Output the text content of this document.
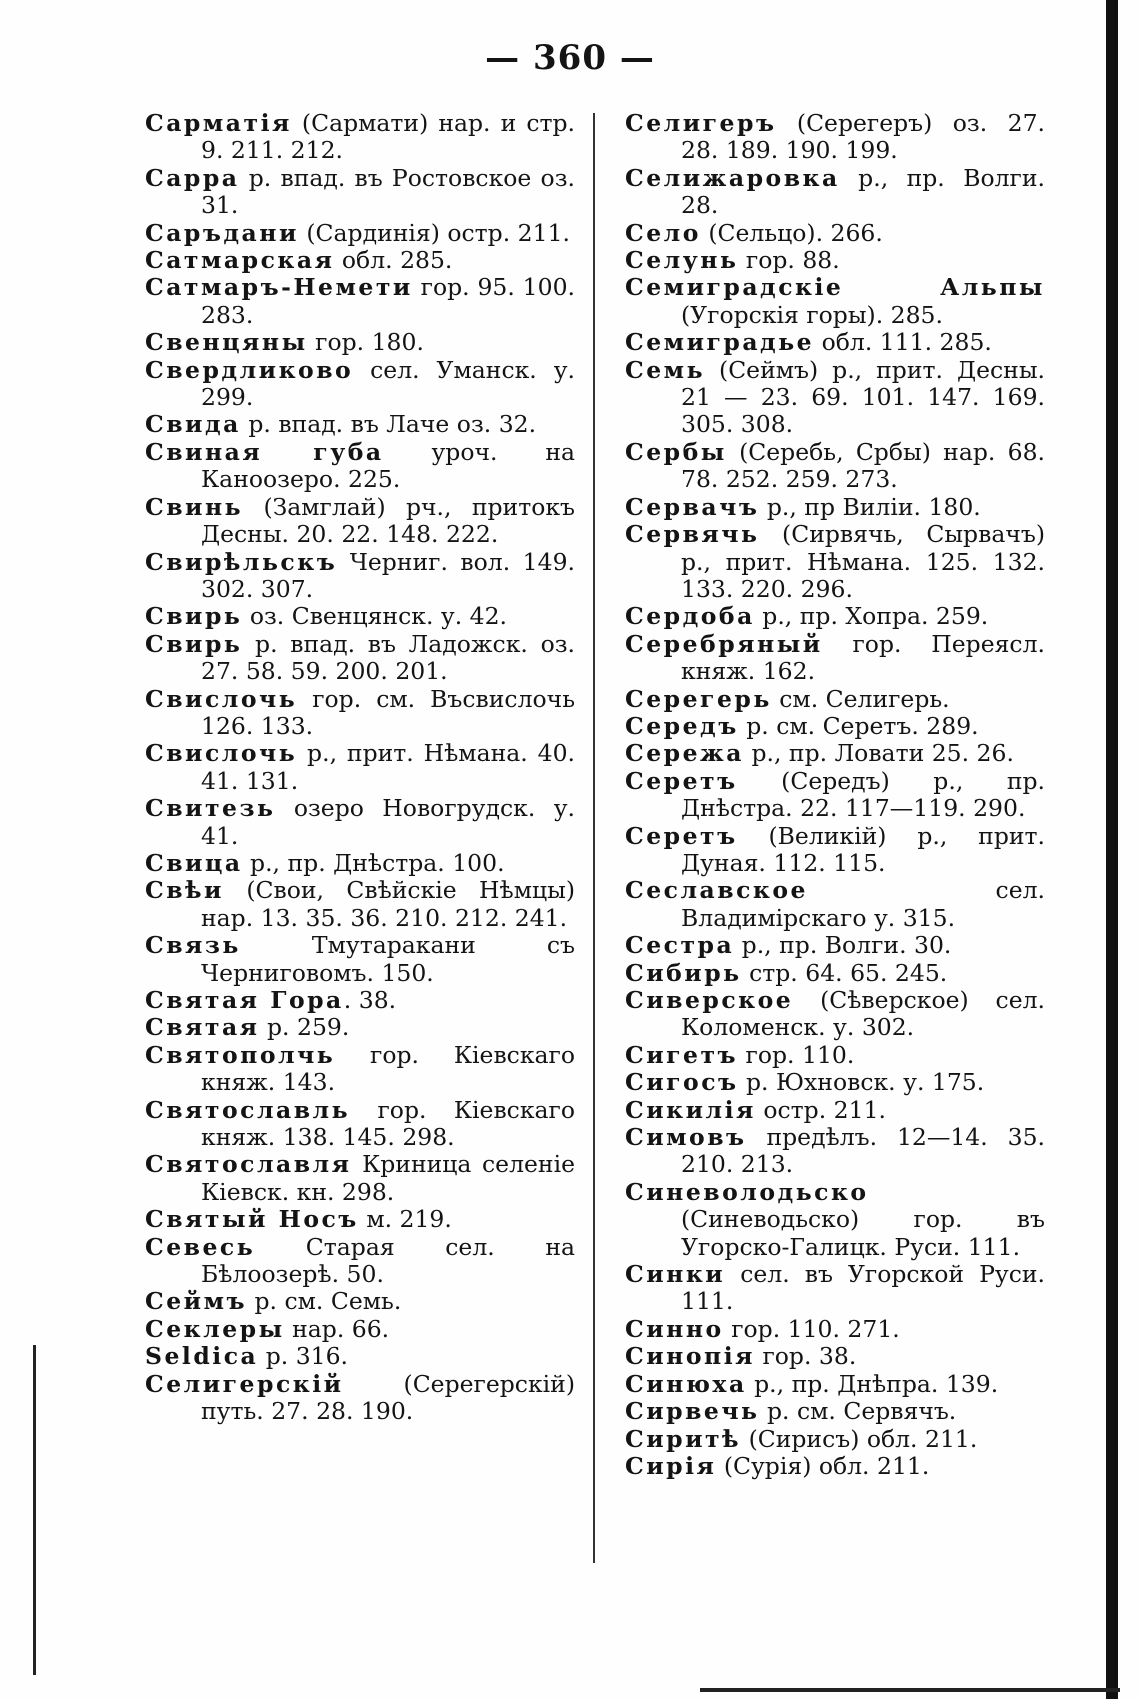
— 360 —

Сарматія (Сармати) нар. и стр. 9. 211. 212.

Сарра р. впад. въ Ростовское оз. 31.

Саръдани (Сардинія) остр. 211.

Сатмарская обл. 285.

Сатмаръ-Немети гор. 95. 100. 283.

Свенцяны гор. 180.

Свердликово сел. Уманск. у. 299.

Свида р. впад. въ Лаче оз. 32.

Свиная губа уроч. на Каноозеро. 225.

Свинь (Замглай) рч., притокъ Десны. 20. 22. 148. 222.

Свирѣльскъ Черниг. вол. 149. 302. 307.

Свирь оз. Свенцянск. у. 42.

Свирь р. впад. въ Ладожск. оз. 27. 58. 59. 200. 201.

Свислочь гор. см. Въсвислочь 126. 133.

Свислочь р., прит. Нѣмана. 40. 41. 131.

Свитезь озеро Новогрудск. у. 41.

Свица р., пр. Днѣстра. 100.

Свѣи (Свои, Свѣйскіе Нѣмцы) нар. 13. 35. 36. 210. 212. 241.

Связь Тмутаракани съ Черниговомъ. 150.

Святая Гора. 38.

Святая р. 259.

Святополчь гор. Кіевскаго княж. 143.

Святославль гор. Кіевскаго княж. 138. 145. 298.

Святославля Криница селеніе Кіевск. кн. 298.

Святый Носъ м. 219.

Севесь Старая сел. на Бѣлоозерѣ. 50.

Сеймъ р. см. Семь.

Секлеры нар. 66.

Seldica р. 316.

Селигерскій (Серегерскій) путь. 27. 28. 190.

Селигеръ (Серегеръ) оз. 27. 28. 189. 190. 199.

Селижаровка р., пр. Волги. 28.

Село (Сельцо). 266.

Селунь гор. 88.

Семиградскіе Альпы (Угорскія горы). 285.

Семиградье обл. 111. 285.

Семь (Сеймъ) р., прит. Десны. 21 — 23. 69. 101. 147. 169. 305. 308.

Сербы (Серебь, Србы) нар. 68. 78. 252. 259. 273.

Сервачъ р., пр Виліи. 180.

Сервячь (Сирвячь, Сырвачъ) р., прит. Нѣмана. 125. 132. 133. 220. 296.

Сердоба р., пр. Хопра. 259.

Серебряный гор. Переясл. княж. 162.

Серегерь см. Селигерь.

Середъ р. см. Серетъ. 289.

Сережа р., пр. Ловати 25. 26.

Серетъ (Середъ) р., пр. Днѣстра. 22. 117—119. 290.

Серетъ (Великій) р., прит. Дуная. 112. 115.

Сеславское сел. Владимірскаго у. 315.

Сестра р., пр. Волги. 30.

Сибирь стр. 64. 65. 245.

Сиверское (Сѣверское) сел. Коломенск. у. 302.

Сигетъ гор. 110.

Сигосъ р. Юхновск. у. 175.

Сикилія остр. 211.

Симовъ предѣлъ. 12—14. 35. 210. 213.

Синеволодьско (Синеводьско) гор. въ Угорско-Галицк. Руси. 111.

Синки сел. въ Угорской Руси. 111.

Синно гор. 110. 271.

Синопія гор. 38.

Синюха р., пр. Днѣпра. 139.

Сирвечь р. см. Сервячъ.

Сиритѣ (Сирисъ) обл. 211.

Сирія (Сурія) обл. 211.
